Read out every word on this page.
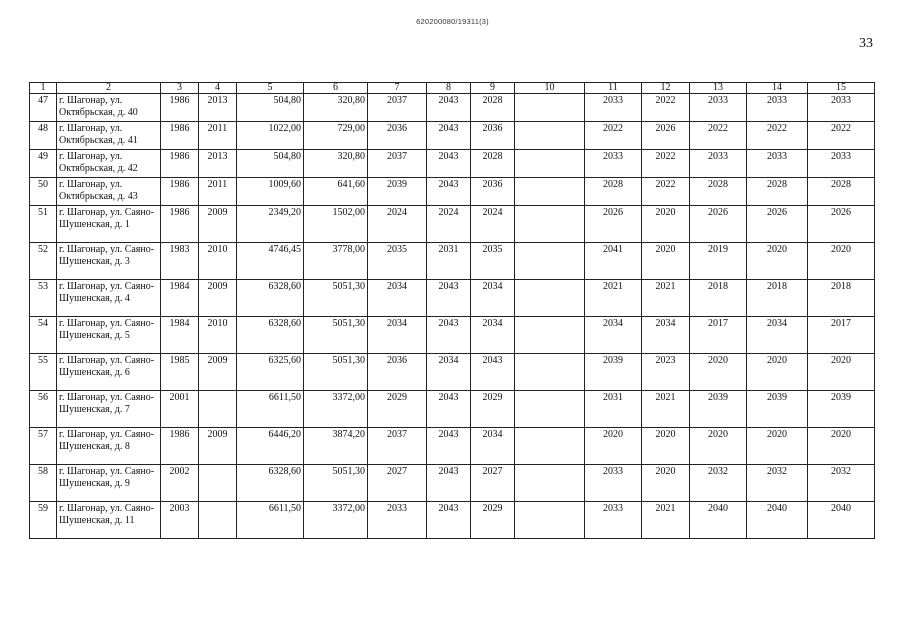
620200080/19311(3)
33
1	2	3	4	5	6	7	8	9	10	11	12	13	14	15
47	г. Шагонар, ул. Октябрьская, д. 40	1986	2013	504,80	320,80	2037	2043	2028		2033	2022	2033	2033	2033
48	г. Шагонар, ул. Октябрьская, д. 41	1986	2011	1022,00	729,00	2036	2043	2036		2022	2026	2022	2022	2022
49	г. Шагонар, ул. Октябрьская, д. 42	1986	2013	504,80	320,80	2037	2043	2028		2033	2022	2033	2033	2033
50	г. Шагонар, ул. Октябрьская, д. 43	1986	2011	1009,60	641,60	2039	2043	2036		2028	2022	2028	2028	2028
51	г. Шагонар, ул. Саяно-Шушенская, д. 1	1986	2009	2349,20	1502,00	2024	2024	2024		2026	2020	2026	2026	2026
52	г. Шагонар, ул. Саяно-Шушенская, д. 3	1983	2010	4746,45	3778,00	2035	2031	2035		2041	2020	2019	2020	2020
53	г. Шагонар, ул. Саяно-Шушенская, д. 4	1984	2009	6328,60	5051,30	2034	2043	2034		2021	2021	2018	2018	2018
54	г. Шагонар, ул. Саяно-Шушенская, д. 5	1984	2010	6328,60	5051,30	2034	2043	2034		2034	2034	2017	2034	2017
55	г. Шагонар, ул. Саяно-Шушенская, д. 6	1985	2009	6325,60	5051,30	2036	2034	2043		2039	2023	2020	2020	2020
56	г. Шагонар, ул. Саяно-Шушенская, д. 7	2001		6611,50	3372,00	2029	2043	2029		2031	2021	2039	2039	2039
57	г. Шагонар, ул. Саяно-Шушенская, д. 8	1986	2009	6446,20	3874,20	2037	2043	2034		2020	2020	2020	2020	2020
58	г. Шагонар, ул. Саяно-Шушенская, д. 9	2002		6328,60	5051,30	2027	2043	2027		2033	2020	2032	2032	2032
59	г. Шагонар, ул. Саяно-Шушенская, д. 11	2003		6611,50	3372,00	2033	2043	2029		2033	2021	2040	2040	2040
